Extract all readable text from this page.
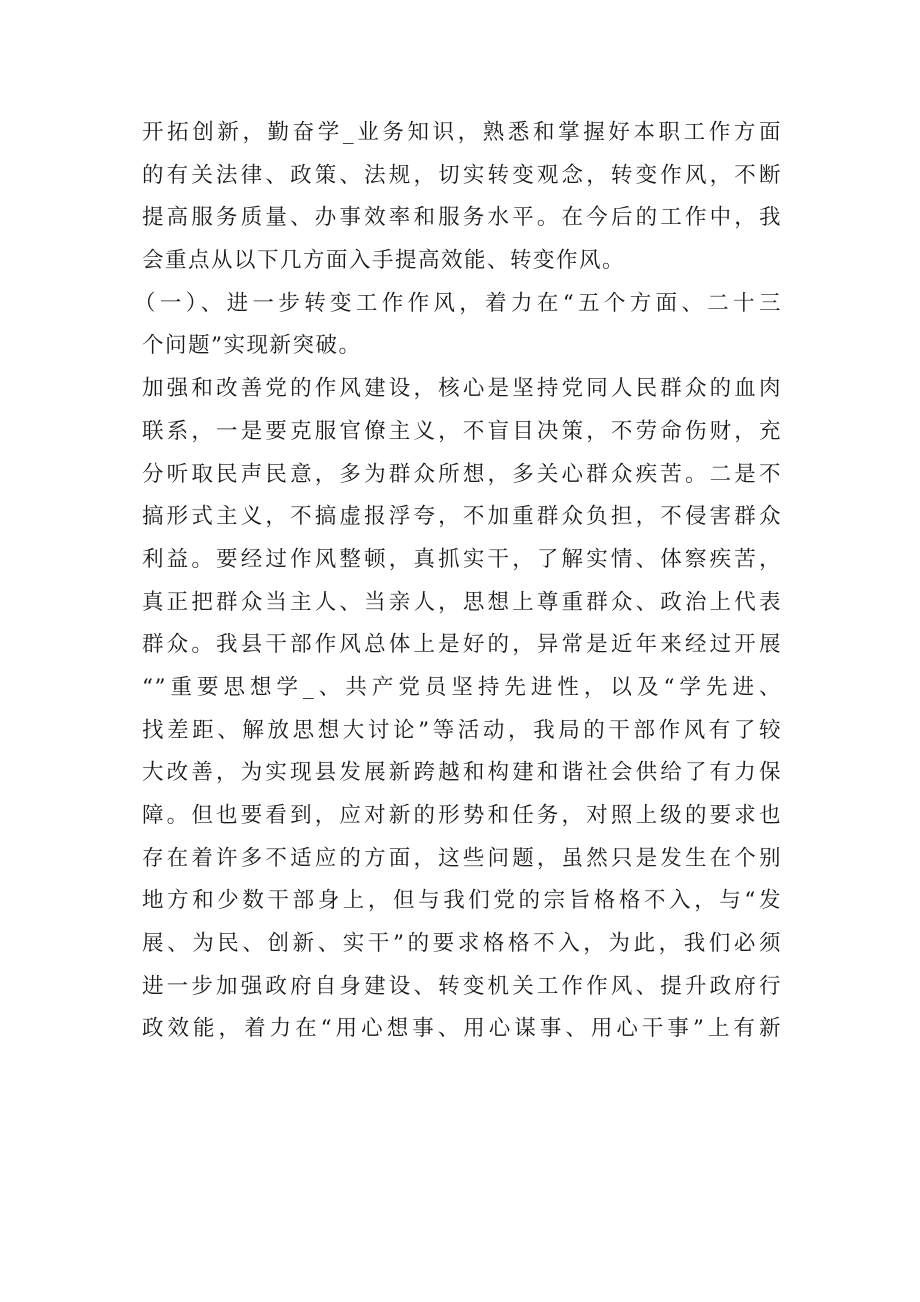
开拓创新，勤奋学_业务知识，熟悉和掌握好本职工作方面
的有关法律、政策、法规，切实转变观念，转变作风，不断
提高服务质量、办事效率和服务水平。在今后的工作中，我
会重点从以下几方面入手提高效能、转变作风。
（一）、进一步转变工作作风，着力在“五个方面、二十三
个问题”实现新突破。
加强和改善党的作风建设，核心是坚持党同人民群众的血肉
联系，一是要克服官僚主义，不盲目决策，不劳命伤财，充
分听取民声民意，多为群众所想，多关心群众疾苦。二是不
搞形式主义，不搞虚报浮夸，不加重群众负担，不侵害群众
利益。要经过作风整顿，真抓实干，了解实情、体察疾苦，
真正把群众当主人、当亲人，思想上尊重群众、政治上代表
群众。我县干部作风总体上是好的，异常是近年来经过开展
“”重要思想学_、共产党员坚持先进性，以及“学先进、
找差距、解放思想大讨论”等活动，我局的干部作风有了较
大改善，为实现县发展新跨越和构建和谐社会供给了有力保
障。但也要看到，应对新的形势和任务，对照上级的要求也
存在着许多不适应的方面，这些问题，虽然只是发生在个别
地方和少数干部身上，但与我们党的宗旨格格不入，与“发
展、为民、创新、实干”的要求格格不入，为此，我们必须
进一步加强政府自身建设、转变机关工作作风、提升政府行
政效能，着力在“用心想事、用心谋事、用心干事”上有新
